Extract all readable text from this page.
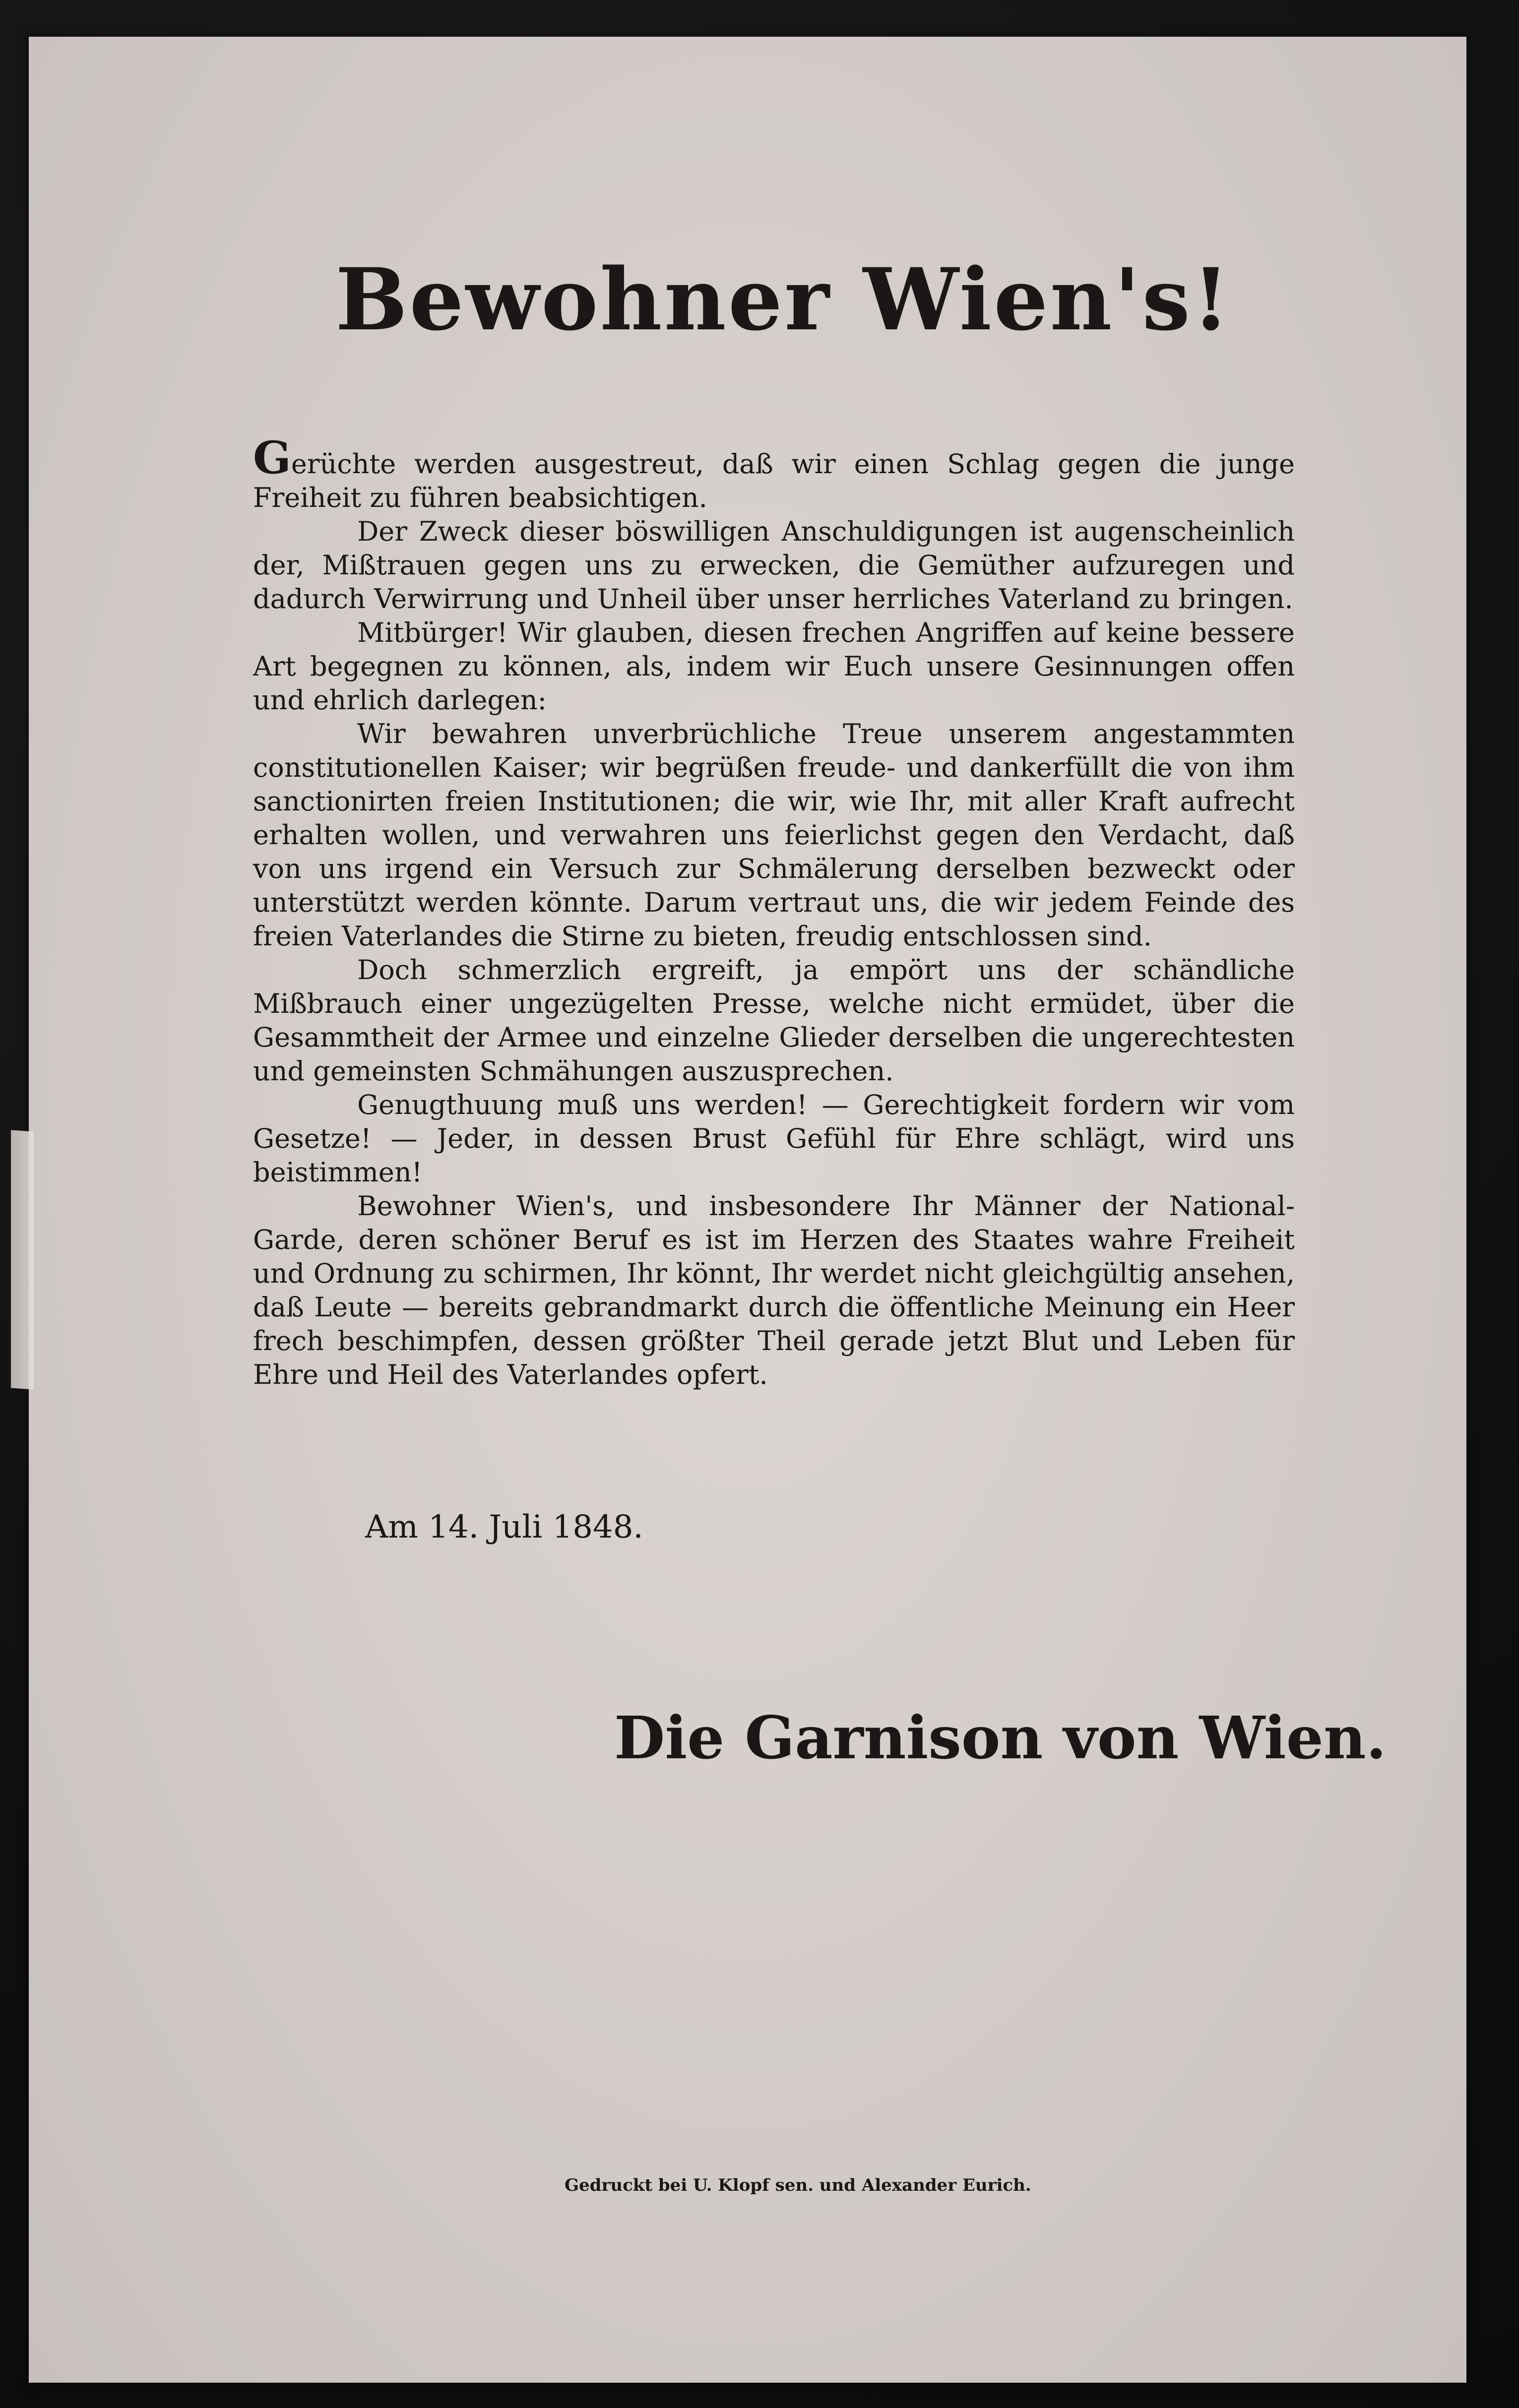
Bewohner Wien's!

Gerüchte werden ausgestreut, daß wir einen Schlag gegen die junge Freiheit zu führen beabsichtigen.

Der Zweck dieser böswilligen Anschuldigungen ist augenscheinlich der, Mißtrauen gegen uns zu erwecken, die Gemüther aufzuregen und dadurch Verwirrung und Unheil über unser herrliches Vaterland zu bringen.

Mitbürger! Wir glauben, diesen frechen Angriffen auf keine bessere Art begegnen zu können, als, indem wir Euch unsere Gesinnungen offen und ehrlich darlegen:

Wir bewahren unverbrüchliche Treue unserem angestammten constitutionellen Kaiser; wir begrüßen freude- und dankerfüllt die von ihm sanctionirten freien Institutionen; die wir, wie Ihr, mit aller Kraft aufrecht erhalten wollen, und verwahren uns feierlichst gegen den Verdacht, daß von uns irgend ein Versuch zur Schmälerung derselben bezweckt oder unterstützt werden könnte. Darum vertraut uns, die wir jedem Feinde des freien Vaterlandes die Stirne zu bieten, freudig entschlossen sind.

Doch schmerzlich ergreift, ja empört uns der schändliche Mißbrauch einer ungezügelten Presse, welche nicht ermüdet, über die Gesammtheit der Armee und einzelne Glieder derselben die ungerechtesten und gemeinsten Schmähungen auszusprechen.

Genugthuung muß uns werden! — Gerechtigkeit fordern wir vom Gesetze! — Jeder, in dessen Brust Gefühl für Ehre schlägt, wird uns beistimmen!

Bewohner Wien's, und insbesondere Ihr Männer der National-Garde, deren schöner Beruf es ist im Herzen des Staates wahre Freiheit und Ordnung zu schirmen, Ihr könnt, Ihr werdet nicht gleichgültig ansehen, daß Leute — bereits gebrandmarkt durch die öffentliche Meinung ein Heer frech beschimpfen, dessen größter Theil gerade jetzt Blut und Leben für Ehre und Heil des Vaterlandes opfert.

Am 14. Juli 1848.
Die Garnison von Wien.
Gedruckt bei U. Klopf sen. und Alexander Eurich.
